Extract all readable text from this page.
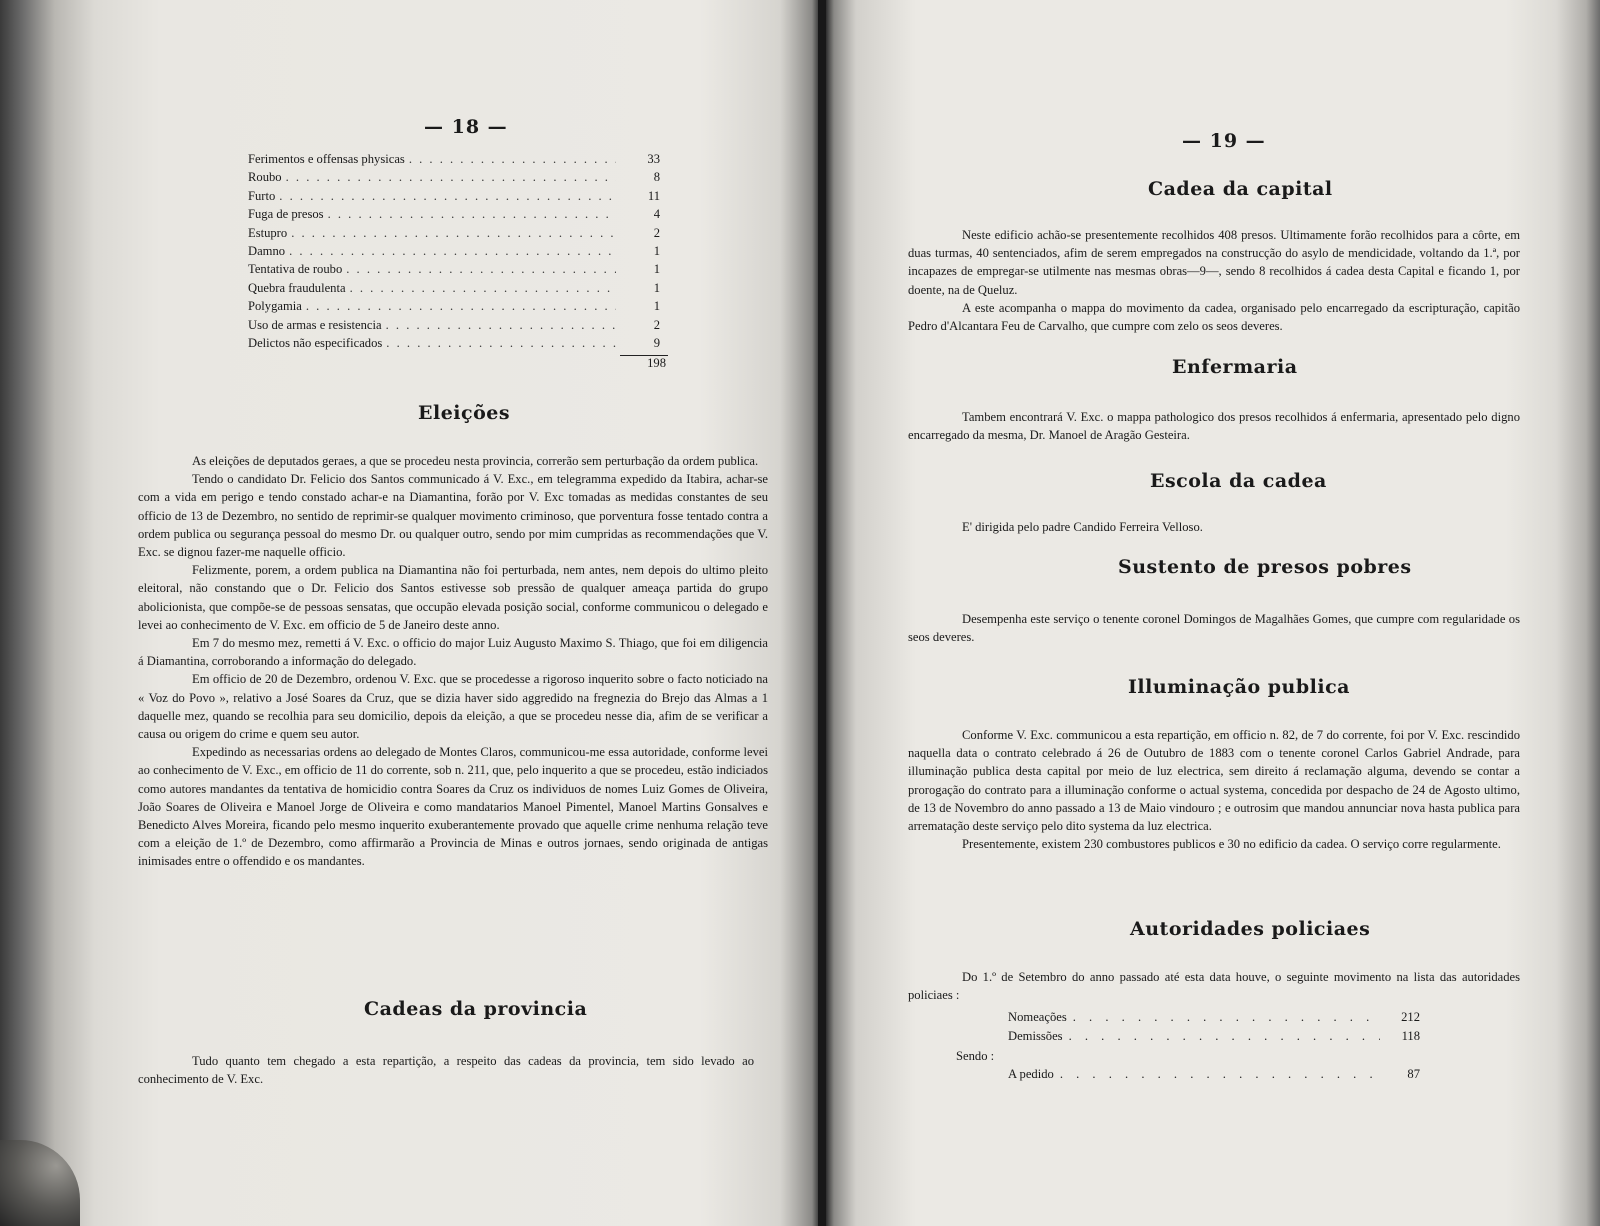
— 18 —
Ferimentos e offensas physicas . . .	33
Roubo . . .	8
Furto . . .	11
Fuga de presos . . .	4
Estupro . . .	2
Damno . . .	1
Tentativa de roubo . . .	1
Quebra fraudulenta . . .	1
Polygamia . . .	1
Uso de armas e resistencia . . .	2
Delictos não especificados . . .	9
198
Eleições

As eleições de deputados geraes, a que se procedeu nesta provincia, correrão sem perturbação da ordem publica.

Tendo o candidato Dr. Felicio dos Santos communicado á V. Exc., em telegramma expedido da Itabira, achar-se com a vida em perigo e tendo constado achar-e na Diamantina, forão por V. Exc tomadas as medidas constantes de seu officio de 13 de Dezembro, no sentido de reprimir-se qualquer movimento criminoso, que porventura fosse tentado contra a ordem publica ou segurança pessoal do mesmo Dr. ou qualquer outro, sendo por mim cumpridas as recommendações que V. Exc. se dignou fazer-me naquelle officio.

Felizmente, porem, a ordem publica na Diamantina não foi perturbada, nem antes, nem depois do ultimo pleito eleitoral, não constando que o Dr. Felicio dos Santos estivesse sob pressão de qualquer ameaça partida do grupo abolicionista, que compõe-se de pessoas sensatas, que occupão elevada posição social, conforme communicou o delegado e levei ao conhecimento de V. Exc. em officio de 5 de Janeiro deste anno.

Em 7 do mesmo mez, remetti á V. Exc. o officio do major Luiz Augusto Maximo S. Thiago, que foi em diligencia á Diamantina, corroborando a informação do delegado.

Em officio de 20 de Dezembro, ordenou V. Exc. que se procedesse a rigoroso inquerito sobre o facto noticiado na « Voz do Povo », relativo a José Soares da Cruz, que se dizia haver sido aggredido na fregnezia do Brejo das Almas a 1 daquelle mez, quando se recolhia para seu domicilio, depois da eleição, a que se procedeu nesse dia, afim de se verificar a causa ou origem do crime e quem seu autor.

Expedindo as necessarias ordens ao delegado de Montes Claros, communicou-me essa autoridade, conforme levei ao conhecimento de V. Exc., em officio de 11 do corrente, sob n. 211, que, pelo inquerito a que se procedeu, estão indiciados como autores mandantes da tentativa de homicidio contra Soares da Cruz os individuos de nomes Luiz Gomes de Oliveira, João Soares de Oliveira e Manoel Jorge de Oliveira e como mandatarios Manoel Pimentel, Manoel Martins Gonsalves e Benedicto Alves Moreira, ficando pelo mesmo inquerito exuberantemente provado que aquelle crime nenhuma relação teve com a eleição de 1.º de Dezembro, como affirmarão a Provincia de Minas e outros jornaes, sendo originada de antigas inimisades entre o offendido e os mandantes.

Cadeas da provincia

Tudo quanto tem chegado a esta repartição, a respeito das cadeas da provincia, tem sido levado ao conhecimento de V. Exc.

— 19 —
Cadea da capital

Neste edificio achão-se presentemente recolhidos 408 presos. Ultimamente forão recolhidos para a côrte, em duas turmas, 40 sentenciados, afim de serem empregados na construcção do asylo de mendicidade, voltando da 1.ª, por incapazes de empregar-se utilmente nas mesmas obras—9—, sendo 8 recolhidos á cadea desta Capital e ficando 1, por doente, na de Queluz.

A este acompanha o mappa do movimento da cadea, organisado pelo encarregado da escripturação, capitão Pedro d'Alcantara Feu de Carvalho, que cumpre com zelo os seos deveres.

Enfermaria

Tambem encontrará V. Exc. o mappa pathologico dos presos recolhidos á enfermaria, apresentado pelo digno encarregado da mesma, Dr. Manoel de Aragão Gesteira.

Escola da cadea

E' dirigida pelo padre Candido Ferreira Velloso.

Sustento de presos pobres

Desempenha este serviço o tenente coronel Domingos de Magalhães Gomes, que cumpre com regularidade os seos deveres.

Illuminação publica

Conforme V. Exc. communicou a esta repartição, em officio n. 82, de 7 do corrente, foi por V. Exc. rescindido naquella data o contrato celebrado á 26 de Outubro de 1883 com o tenente coronel Carlos Gabriel Andrade, para illuminação publica desta capital por meio de luz electrica, sem direito á reclamação alguma, devendo se contar a prorogação do contrato para a illuminação conforme o actual systema, concedida por despacho de 24 de Agosto ultimo, de 13 de Novembro do anno passado a 13 de Maio vindouro ; e outrosim que mandou annunciar nova hasta publica para arrematação deste serviço pelo dito systema da luz electrica.

Presentemente, existem 230 combustores publicos e 30 no edificio da cadea. O serviço corre regularmente.

Autoridades policiaes

Do 1.º de Setembro do anno passado até esta data houve, o seguinte movimento na lista das autoridades policiaes :

Nomeações . . .	212
Demissões . . .	118
Sendo :
A pedido . . .	87
